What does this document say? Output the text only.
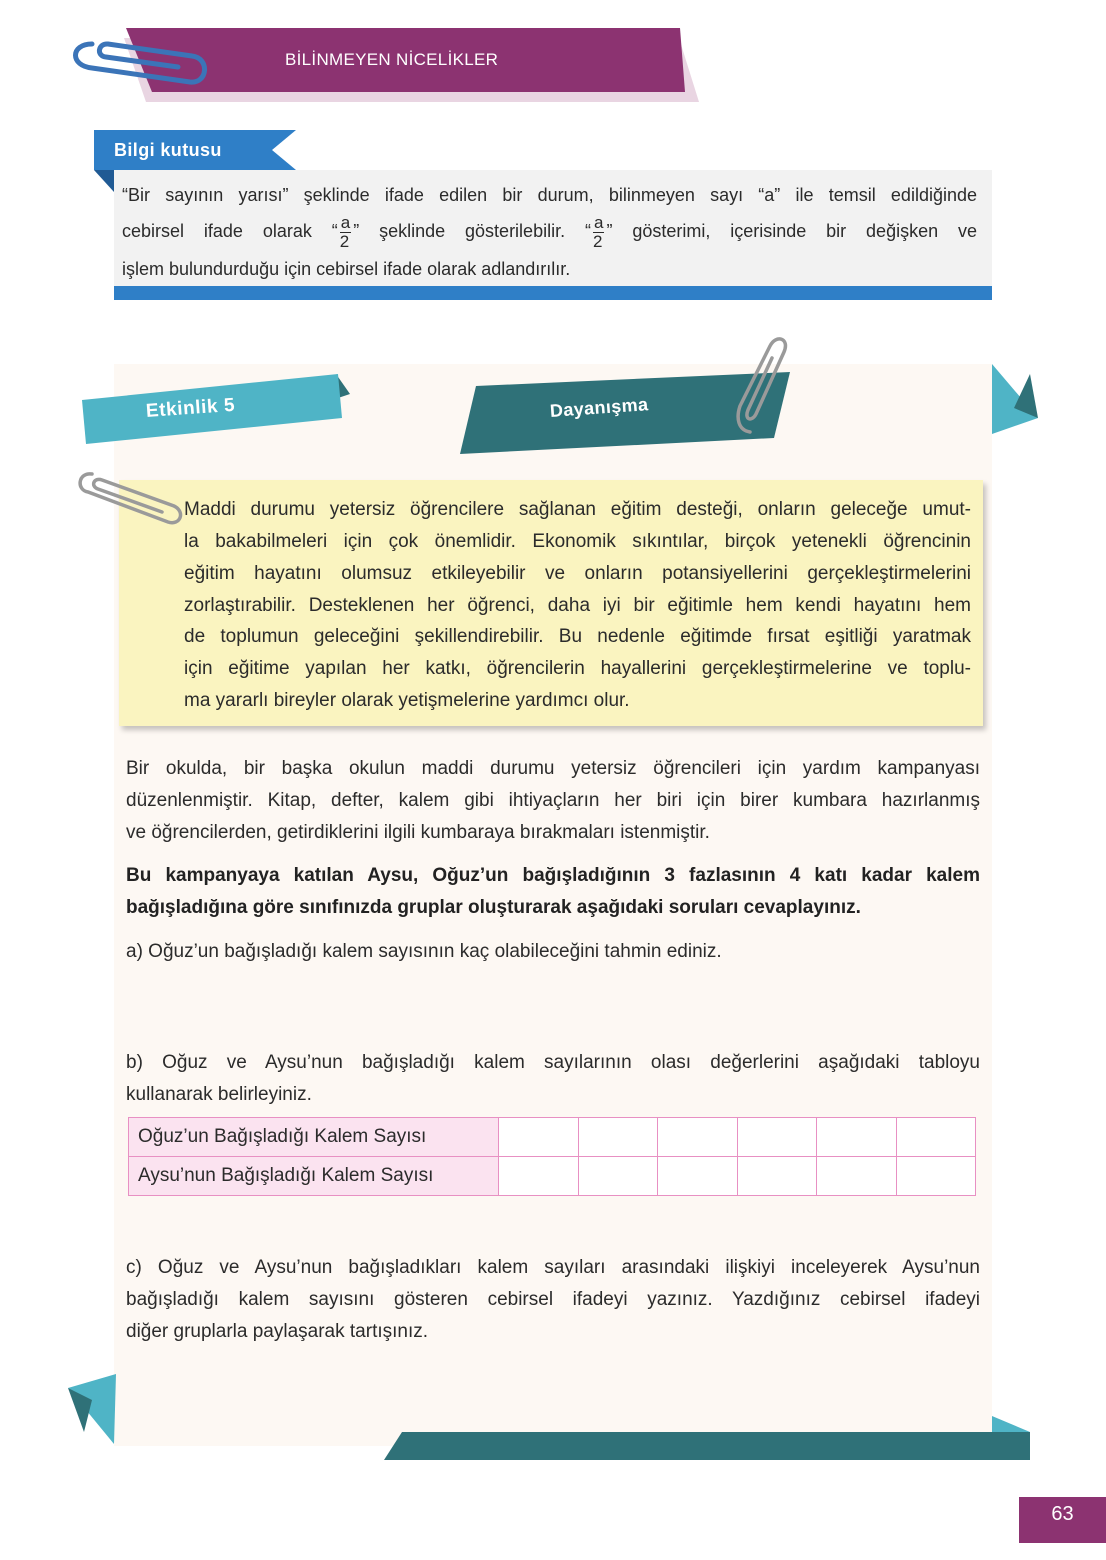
BİLİNMEYEN NİCELİKLER
Bilgi kutusu
“Bir sayının yarısı” şeklinde ifade edilen bir durum, bilinmeyen sayı “a” ile temsil edildiğinde
cebirsel ifade olarak “ $\frac{a}{2}$ ” şeklinde gösterilebilir. “ $\frac{a}{2}$ ” gösterimi, içerisinde bir değişken ve
işlem bulundurduğu için cebirsel ifade olarak adlandırılır.
Etkinlik 5	Dayanışma
Maddi durumu yetersiz öğrencilere sağlanan eğitim desteği, onların geleceğe umut-
la bakabilmeleri için çok önemlidir. Ekonomik sıkıntılar, birçok yetenekli öğrencinin
eğitim hayatını olumsuz etkileyebilir ve onların potansiyellerini gerçekleştirmelerini
zorlaştırabilir. Desteklenen her öğrenci, daha iyi bir eğitimle hem kendi hayatını hem
de toplumun geleceğini şekillendirebilir. Bu nedenle eğitimde fırsat eşitliği yaratmak
için eğitime yapılan her katkı, öğrencilerin hayallerini gerçekleştirmelerine ve toplu-
ma yararlı bireyler olarak yetişmelerine yardımcı olur.
Bir okulda, bir başka okulun maddi durumu yetersiz öğrencileri için yardım kampanyası
düzenlenmiştir. Kitap, defter, kalem gibi ihtiyaçların her biri için birer kumbara hazırlanmış
ve öğrencilerden, getirdiklerini ilgili kumbaraya bırakmaları istenmiştir.
Bu kampanyaya katılan Aysu, Oğuz’un bağışladığının 3 fazlasının 4 katı kadar kalem
bağışladığına göre sınıfınızda gruplar oluşturarak aşağıdaki soruları cevaplayınız.
a) Oğuz’un bağışladığı kalem sayısının kaç olabileceğini tahmin ediniz.
b) Oğuz ve Aysu’nun bağışladığı kalem sayılarının olası değerlerini aşağıdaki tabloyu
kullanarak belirleyiniz.
Oğuz’un Bağışladığı Kalem Sayısı						
Aysu’nun Bağışladığı Kalem Sayısı						
c) Oğuz ve Aysu’nun bağışladıkları kalem sayıları arasındaki ilişkiyi inceleyerek Aysu’nun
bağışladığı kalem sayısını gösteren cebirsel ifadeyi yazınız. Yazdığınız cebirsel ifadeyi
diğer gruplarla paylaşarak tartışınız.
63
